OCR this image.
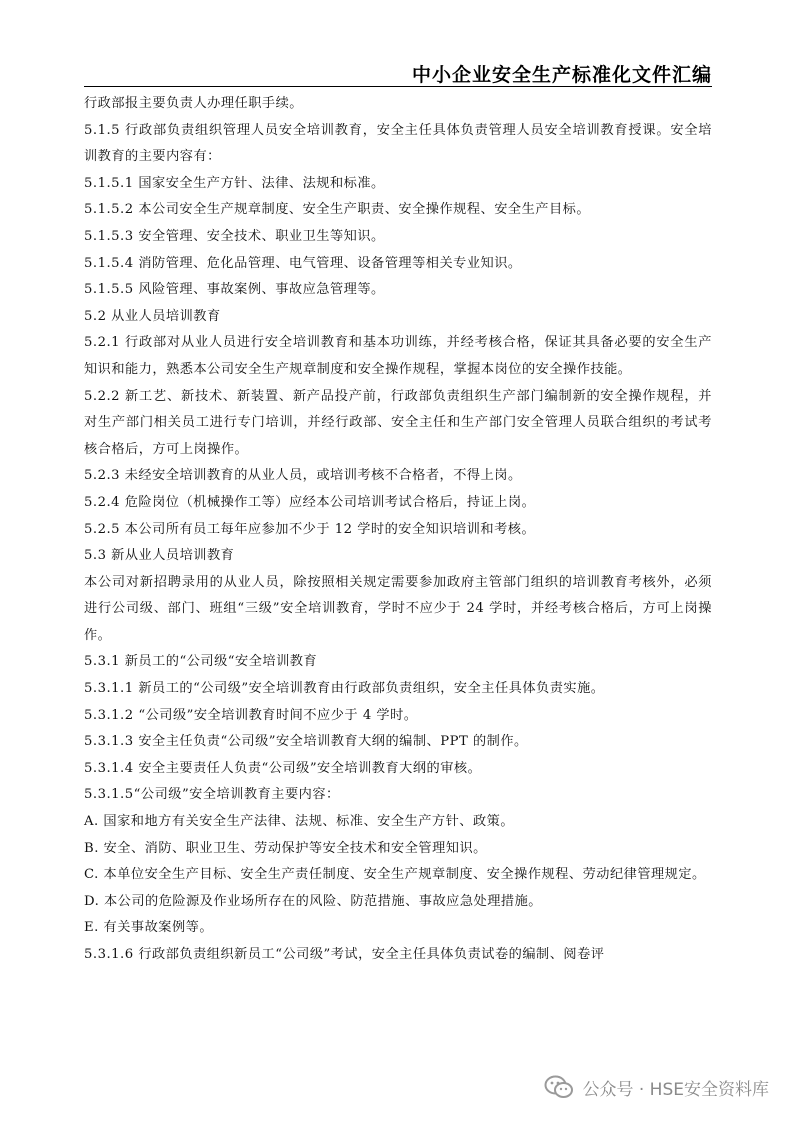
中小企业安全生产标准化文件汇编

行政部报主要负责人办理任职手续。

5.1.5 行政部负责组织管理人员安全培训教育，安全主任具体负责管理人员安全培训教育授课。安全培训教育的主要内容有：

5.1.5.1 国家安全生产方针、法律、法规和标准。

5.1.5.2 本公司安全生产规章制度、安全生产职责、安全操作规程、安全生产目标。

5.1.5.3 安全管理、安全技术、职业卫生等知识。

5.1.5.4 消防管理、危化品管理、电气管理、设备管理等相关专业知识。

5.1.5.5 风险管理、事故案例、事故应急管理等。

5.2 从业人员培训教育

5.2.1 行政部对从业人员进行安全培训教育和基本功训练，并经考核合格，保证其具备必要的安全生产知识和能力，熟悉本公司安全生产规章制度和安全操作规程，掌握本岗位的安全操作技能。

5.2.2 新工艺、新技术、新装置、新产品投产前，行政部负责组织生产部门编制新的安全操作规程，并对生产部门相关员工进行专门培训，并经行政部、安全主任和生产部门安全管理人员联合组织的考试考核合格后，方可上岗操作。

5.2.3 未经安全培训教育的从业人员，或培训考核不合格者，不得上岗。

5.2.4 危险岗位（机械操作工等）应经本公司培训考试合格后，持证上岗。

5.2.5 本公司所有员工每年应参加不少于 12 学时的安全知识培训和考核。

5.3 新从业人员培训教育

本公司对新招聘录用的从业人员，除按照相关规定需要参加政府主管部门组织的培训教育考核外，必须进行公司级、部门、班组“三级”安全培训教育，学时不应少于 24 学时，并经考核合格后，方可上岗操作。

5.3.1 新员工的“公司级“安全培训教育

5.3.1.1 新员工的“公司级”安全培训教育由行政部负责组织，安全主任具体负责实施。

5.3.1.2 “公司级”安全培训教育时间不应少于 4 学时。

5.3.1.3 安全主任负责“公司级”安全培训教育大纲的编制、PPT 的制作。

5.3.1.4 安全主要责任人负责“公司级”安全培训教育大纲的审核。

5.3.1.5“公司级”安全培训教育主要内容：

A. 国家和地方有关安全生产法律、法规、标准、安全生产方针、政策。

B. 安全、消防、职业卫生、劳动保护等安全技术和安全管理知识。

C. 本单位安全生产目标、安全生产责任制度、安全生产规章制度、安全操作规程、劳动纪律管理规定。

D. 本公司的危险源及作业场所存在的风险、防范措施、事故应急处理措施。

E. 有关事故案例等。

5.3.1.6 行政部负责组织新员工“公司级”考试，安全主任具体负责试卷的编制、阅卷评

公众号 · HSE安全资料库
